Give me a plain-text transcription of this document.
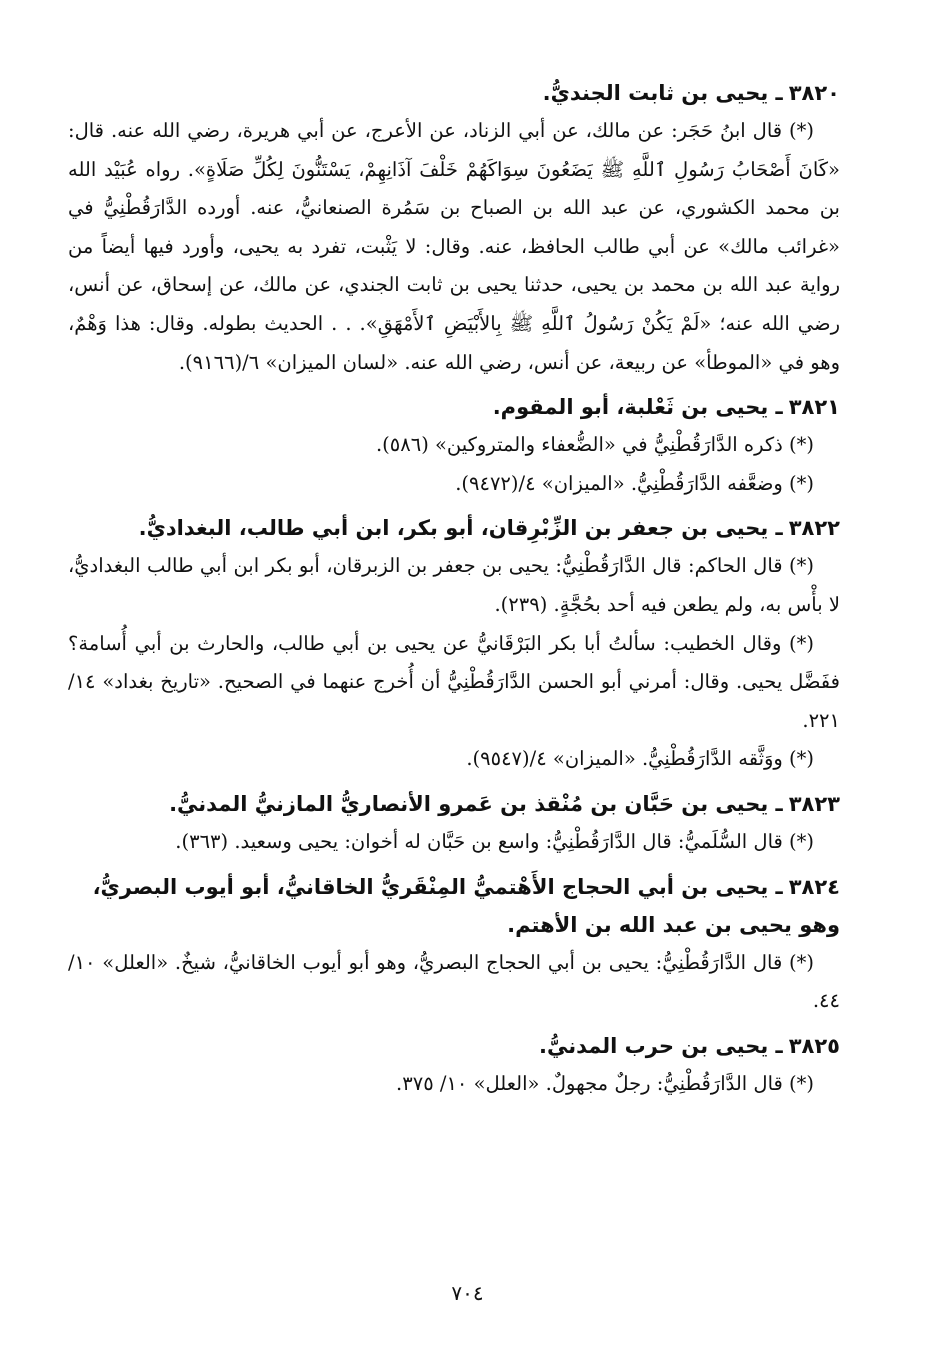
٣٨٢٠ـ يحيى بن ثابت الجنديُّ.

(*) قال ابنُ حَجَر: عن مالك، عن أبي الزناد، عن الأعرج، عن أبي هريرة، رضي الله عنه. قال: «كَانَ أَصْحَابُ رَسُولِ ٱللَّهِ ﷺ يَضَعُونَ سِوَاكَهُمْ خَلْفَ آذَانِهِمْ، يَسْتَنُّونَ لِكُلِّ صَلَاةٍ». رواه عُبَيْد الله بن محمد الكشوري، عن عبد الله بن الصباح بن سَمُرة الصنعانيُّ، عنه. أورده الدَّارَقُطْنِيُّ في «غرائب مالك» عن أبي طالب الحافظ، عنه. وقال: لا يَثْبت، تفرد به يحيى، وأورد فيها أيضاً من رواية عبد الله بن محمد بن يحيى، حدثنا يحيى بن ثابت الجندي، عن مالك، عن إسحاق، عن أنس، رضي الله عنه؛ «لَمْ يَكُنْ رَسُولُ ٱللَّهِ ﷺ بِالأَبْيَضِ ٱلأَمْهَقِ». . . الحديث بطوله. وقال: هذا وَهْمٌ، وهو في «الموطأ» عن ربيعة، عن أنس، رضي الله عنه. «لسان الميزان» ٦/(٩١٦٦).

٣٨٢١ـ يحيى بن ثَعْلبة، أبو المقوم.

(*) ذكره الدَّارَقُطْنِيُّ في «الضُّعفاء والمتروكين» (٥٨٦).

(*) وضعَّفه الدَّارَقُطْنِيُّ. «الميزان» ٤/(٩٤٧٢).

٣٨٢٢ـ يحيى بن جعفر بن الزِّبْرِقان، أبو بكر، ابن أبي طالب، البغداديُّ.

(*) قال الحاكم: قال الدَّارَقُطْنِيُّ: يحيى بن جعفر بن الزبرقان، أبو بكر ابن أبي طالب البغداديُّ، لا بأْس به، ولم يطعن فيه أحد بحُجَّةٍ. (٢٣٩).

(*) وقال الخطيب: سألتُ أبا بكر البَرْقَانيُّ عن يحيى بن أبي طالب، والحارث بن أبي أُسامة؟ ففَضَّل يحيى. وقال: أمرني أبو الحسن الدَّارَقُطْنِيُّ أن أُخرج عنهما في الصحيح. «تاريخ بغداد» ١٤/ ٢٢١.

(*) ووَثَّقه الدَّارَقُطْنِيُّ. «الميزان» ٤/(٩٥٤٧).

٣٨٢٣ـ يحيى بن حَبَّان بن مُنْقذ بن عَمرو الأنصاريُّ المازنيُّ المدنيُّ.

(*) قال السُّلَميُّ: قال الدَّارَقُطْنِيُّ: واسع بن حَبَّان له أخوان: يحيى وسعيد. (٣٦٣).

٣٨٢٤ـ يحيى بن أبي الحجاج الأَهْتميُّ المِنْقَريُّ الخاقانيُّ، أبو أيوب البصريُّ، وهو يحيى بن عبد الله بن الأهتم.

(*) قال الدَّارَقُطْنِيُّ: يحيى بن أبي الحجاج البصريُّ، وهو أبو أيوب الخاقانيُّ، شيخٌ. «العلل» ١٠/ ٤٤.

٣٨٢٥ـ يحيى بن حرب المدنيُّ.

(*) قال الدَّارَقُطْنِيُّ: رجلٌ مجهولٌ. «العلل» ١٠/ ٣٧٥.

٧٠٤
